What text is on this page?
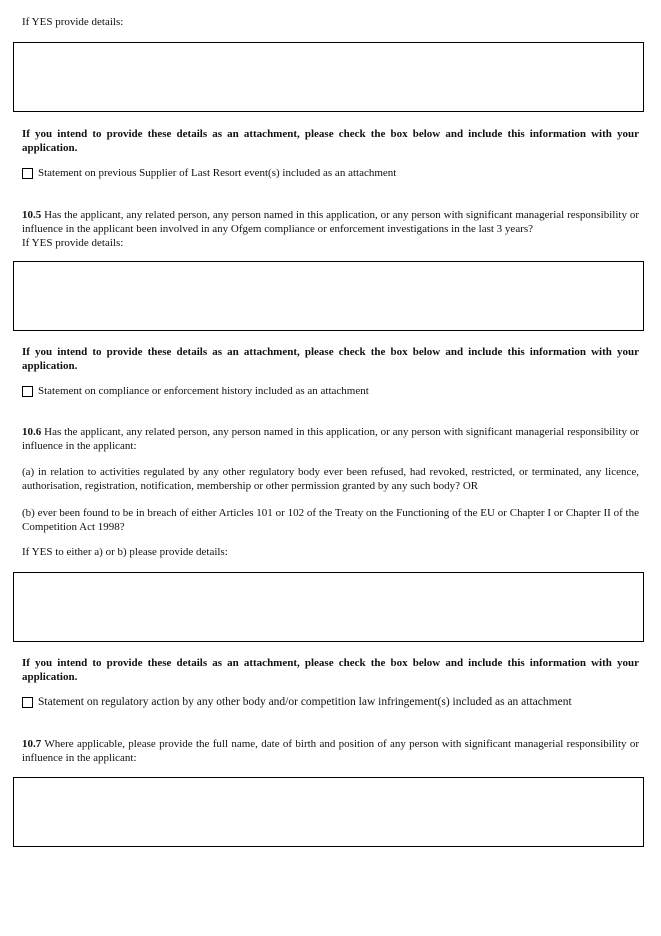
If YES provide details:

If you intend to provide these details as an attachment, please check the box below and include this information with your application.

Statement on previous Supplier of Last Resort event(s) included as an attachment

10.5 Has the applicant, any related person, any person named in this application, or any person with significant managerial responsibility or influence in the applicant been involved in any Ofgem compliance or enforcement investigations in the last 3 years?

If YES provide details:

If you intend to provide these details as an attachment, please check the box below and include this information with your application.

Statement on compliance or enforcement history included as an attachment

10.6 Has the applicant, any related person, any person named in this application, or any person with significant managerial responsibility or influence in the applicant:

(a) in relation to activities regulated by any other regulatory body ever been refused, had revoked, restricted, or terminated, any licence, authorisation, registration, notification, membership or other permission granted by any such body? OR

(b) ever been found to be in breach of either Articles 101 or 102 of the Treaty on the Functioning of the EU or Chapter I or Chapter II of the Competition Act 1998?

If YES to either a) or b) please provide details:

If you intend to provide these details as an attachment, please check the box below and include this information with your application.

Statement on regulatory action by any other body and/or competition law infringement(s) included as an attachment

10.7 Where applicable, please provide the full name, date of birth and position of any person with significant managerial responsibility or influence in the applicant:
